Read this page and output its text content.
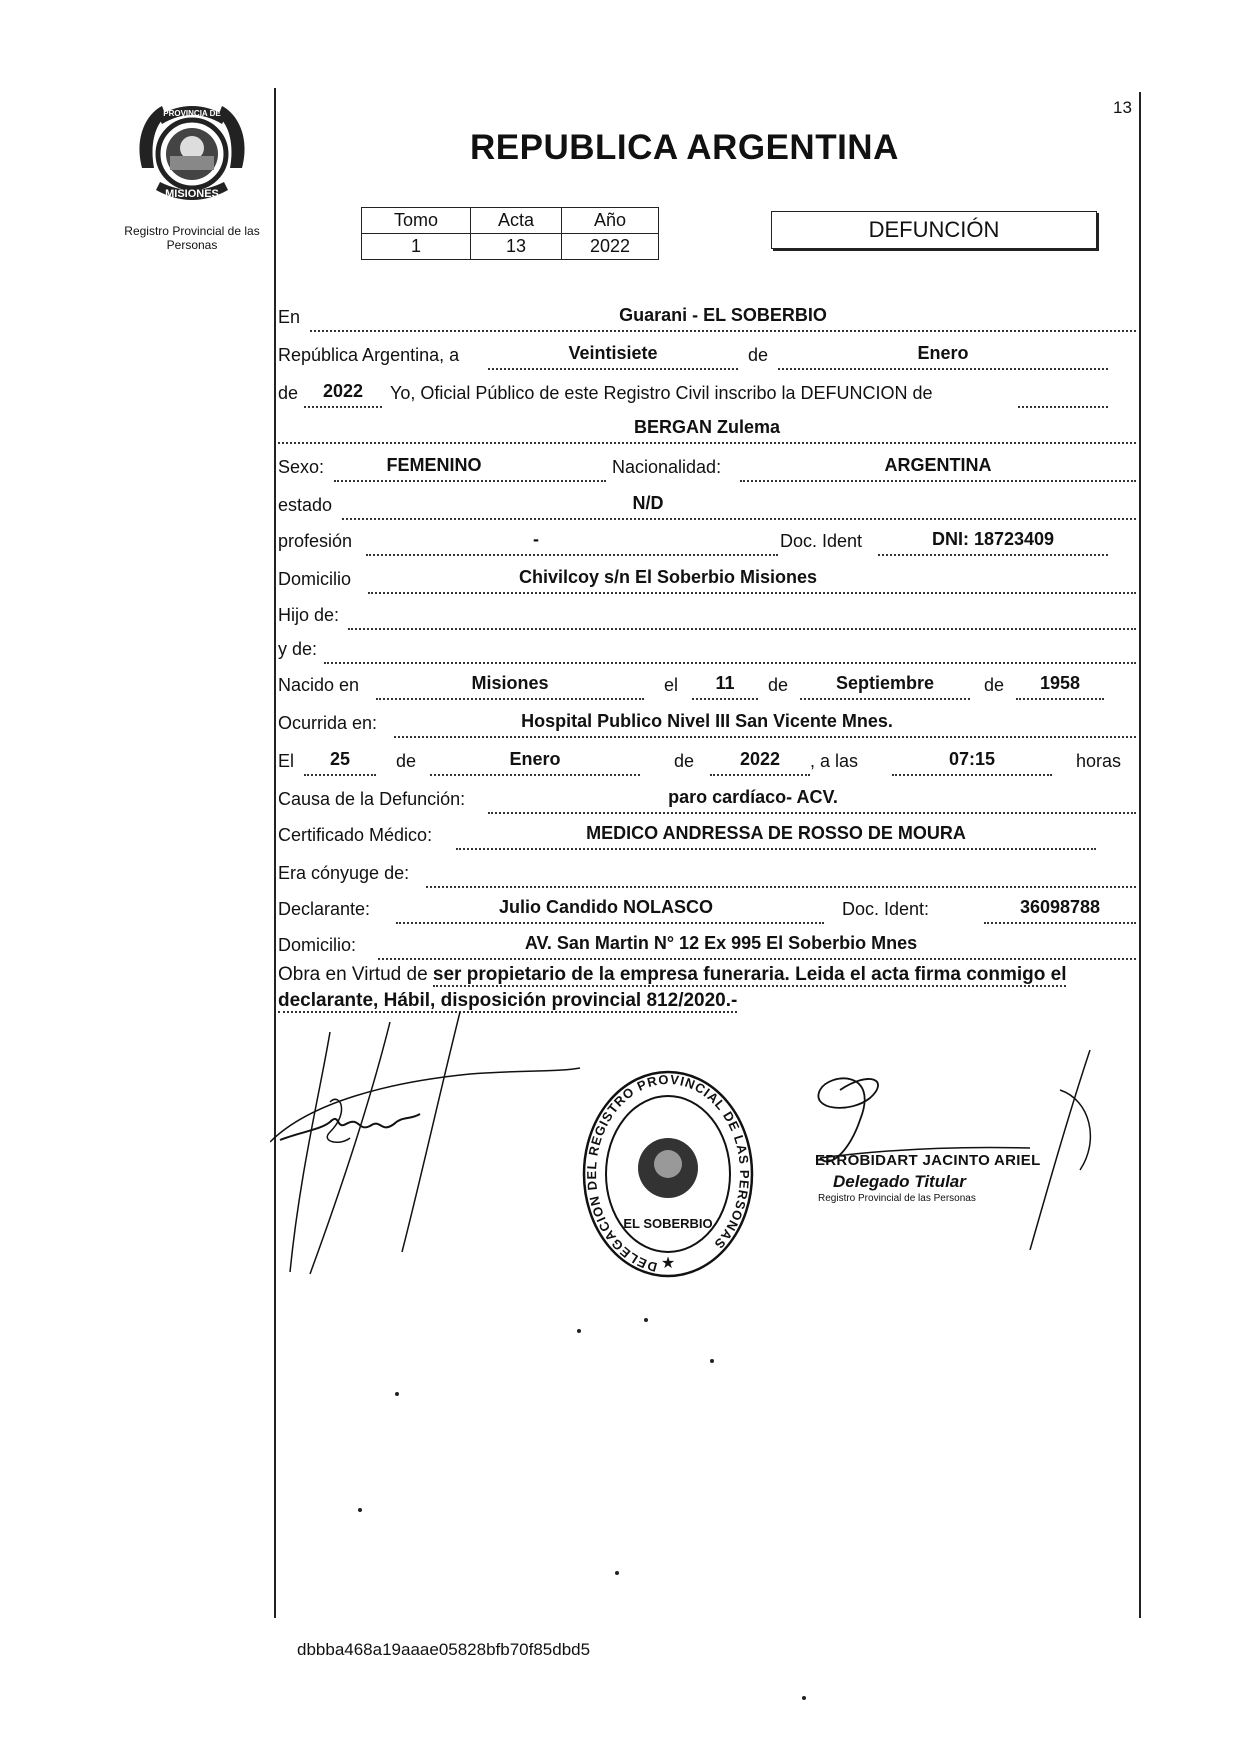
13
PROVINCIA DE
MISIONES
Registro Provincial de las Personas
REPUBLICA ARGENTINA
Tomo	Acta	Año
1	13	2022
DEFUNCIÓN
En	Guarani - EL SOBERBIO
República Argentina, a	Veintisiete	de	Enero
de	2022	Yo, Oficial Público de este Registro Civil inscribo la DEFUNCION de
BERGAN Zulema
Sexo:	FEMENINO	Nacionalidad:	ARGENTINA
estado	N/D
profesión	-	Doc. Ident	DNI: 18723409
Domicilio	Chivilcoy s/n El Soberbio Misiones
Hijo de:
y de:
Nacido en	Misiones	el	11	de	Septiembre	de	1958
Ocurrida en:	Hospital Publico Nivel III San Vicente Mnes.
El	25	de	Enero	de	2022	, a las	07:15	horas
Causa de la Defunción:	paro cardíaco- ACV.
Certificado Médico:	MEDICO ANDRESSA DE ROSSO DE MOURA
Era cónyuge de:
Declarante:	Julio Candido NOLASCO	Doc. Ident:	36098788
Domicilio:	AV. San Martin N° 12 Ex 995 El Soberbio Mnes
Obra en Virtud de ser propietario de la empresa funeraria. Leida el acta firma conmigo el declarante, Hábil, disposición provincial 812/2020.-
DELEGACION DEL REGISTRO PROVINCIAL DE LAS PERSONAS
EL SOBERBIO
★
ERROBIDART JACINTO ARIEL
Delegado Titular
Registro Provincial de las Personas
dbbba468a19aaae05828bfb70f85dbd5
